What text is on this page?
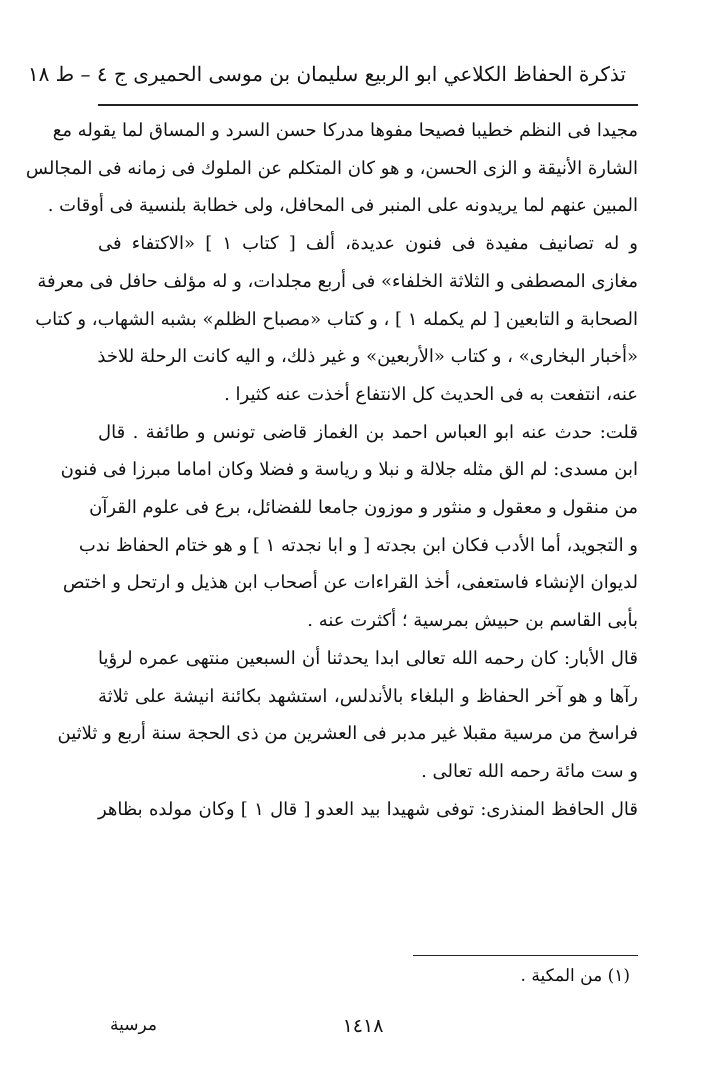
تذكرة الحفاظ الكلاعي ابو الربيع سليمان بن موسى الحميرى ج ٤ – ط ١٨
مجيدا فى النظم خطيبا فصيحا مفوها مدركا حسن السرد و المساق لما يقوله مع
الشارة الأنيقة و الزى الحسن، و هو كان المتكلم عن الملوك فى زمانه فى المجالس
المبين عنهم لما يريدونه على المنبر فى المحافل، ولى خطابة بلنسية فى أوقات .
و له تصانيف مفيدة فى فنون عديدة، ألف [ كتاب ١ ] «الاكتفاء فى
مغازى المصطفى و الثلاثة الخلفاء» فى أربع مجلدات، و له مؤلف حافل فى معرفة
الصحابة و التابعين [ لم يكمله ١ ] ، و كتاب «مصباح الظلم» بشبه الشهاب، و كتاب
«أخبار البخارى» ، و كتاب «الأربعين» و غير ذلك، و اليه كانت الرحلة للاخذ
عنه، انتفعت به فى الحديث كل الانتفاع أخذت عنه كثيرا .
قلت: حدث عنه ابو العباس احمد بن الغماز قاضى تونس و طائفة . قال
ابن مسدى: لم الق مثله جلالة و نبلا و رياسة و فضلا وكان اماما مبرزا فى فنون
من منقول و معقول و منثور و موزون جامعا للفضائل، برع فى علوم القرآن
و التجويد، أما الأدب فكان ابن بجدته [ و ابا نجدته ١ ] و هو ختام الحفاظ ندب
لديوان الإنشاء فاستعفى، أخذ القراءات عن أصحاب ابن هذيل و ارتحل و اختص
بأبى القاسم بن حبيش بمرسية ؛ أكثرت عنه .
قال الأبار: كان رحمه الله تعالى ابدا يحدثنا أن السبعين منتهى عمره لرؤيا
رآها و هو آخر الحفاظ و البلغاء بالأندلس، استشهد بكائنة انيشة على ثلاثة
فراسخ من مرسية مقبلا غير مدبر فى العشرين من ذى الحجة سنة أربع و ثلاثين
و ست مائة رحمه الله تعالى .
قال الحافظ المنذرى: توفى شهيدا بيد العدو [ قال ١ ] وكان مولده بظاهر
(١) من المكية .
١٤١٨
مرسية
